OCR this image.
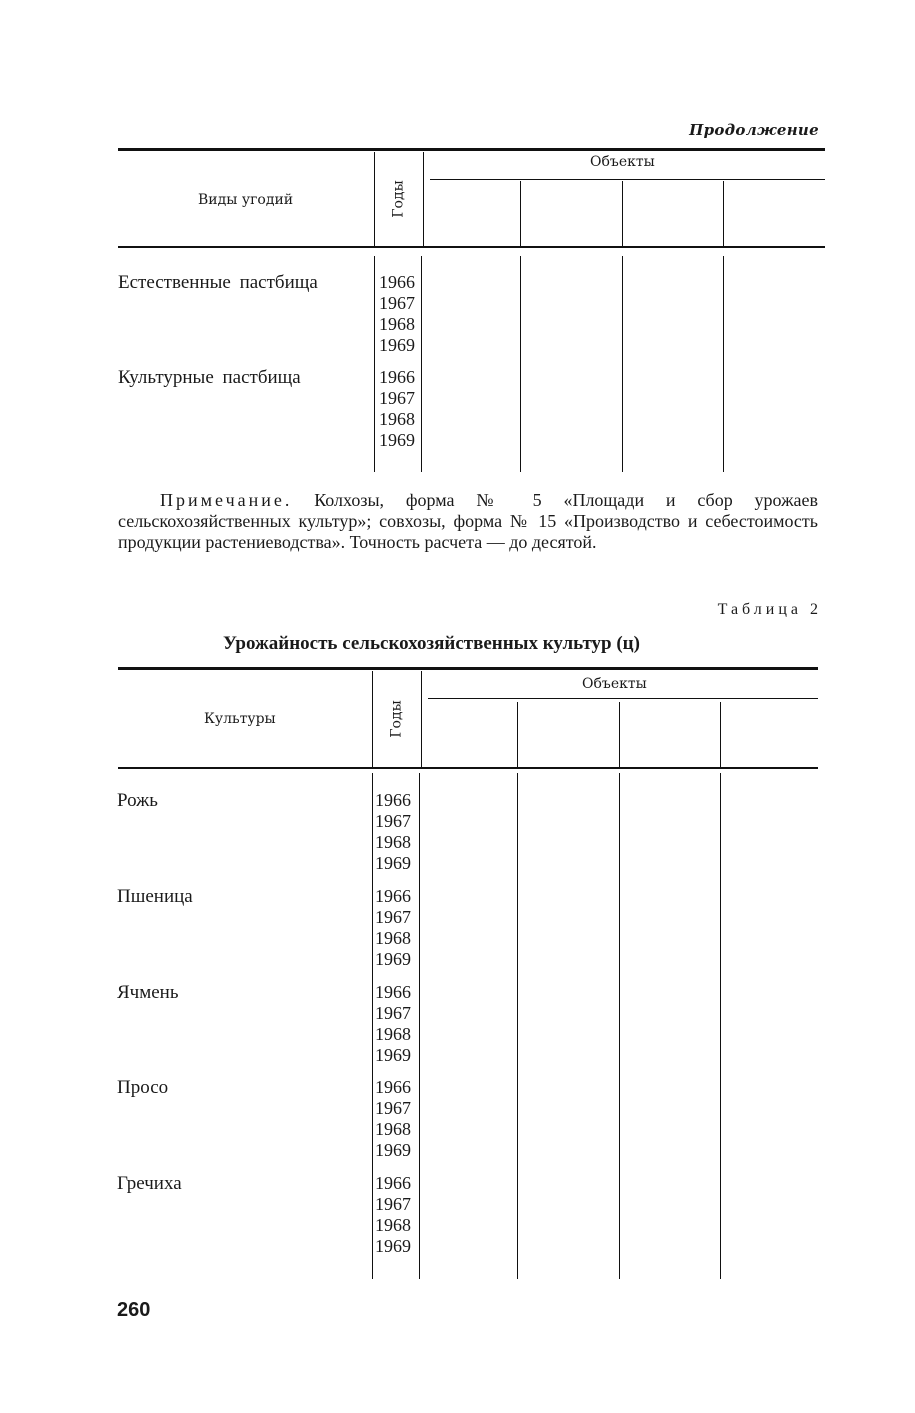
Продолжение
Виды угодий	Годы
Объекты
Естественные пастбища	1966
1967
1968
1969
Культурные пастбища	1966
1967
1968
1969
Примечание. Колхозы, форма № 5 «Площади и сбор урожаев сельскохозяйственных культур»; совхозы, форма № 15 «Производство и себестоимость продукции растениеводства». Точность расчета — до десятой.
Таблица 2
Урожайность сельскохозяйственных культур (ц)
Культуры	Годы
Объекты
Рожь	1966
1967
1968
1969
Пшеница	1966
1967
1968
1969
Ячмень	1966
1967
1968
1969
Просо	1966
1967
1968
1969
Гречиха	1966
1967
1968
1969
260
